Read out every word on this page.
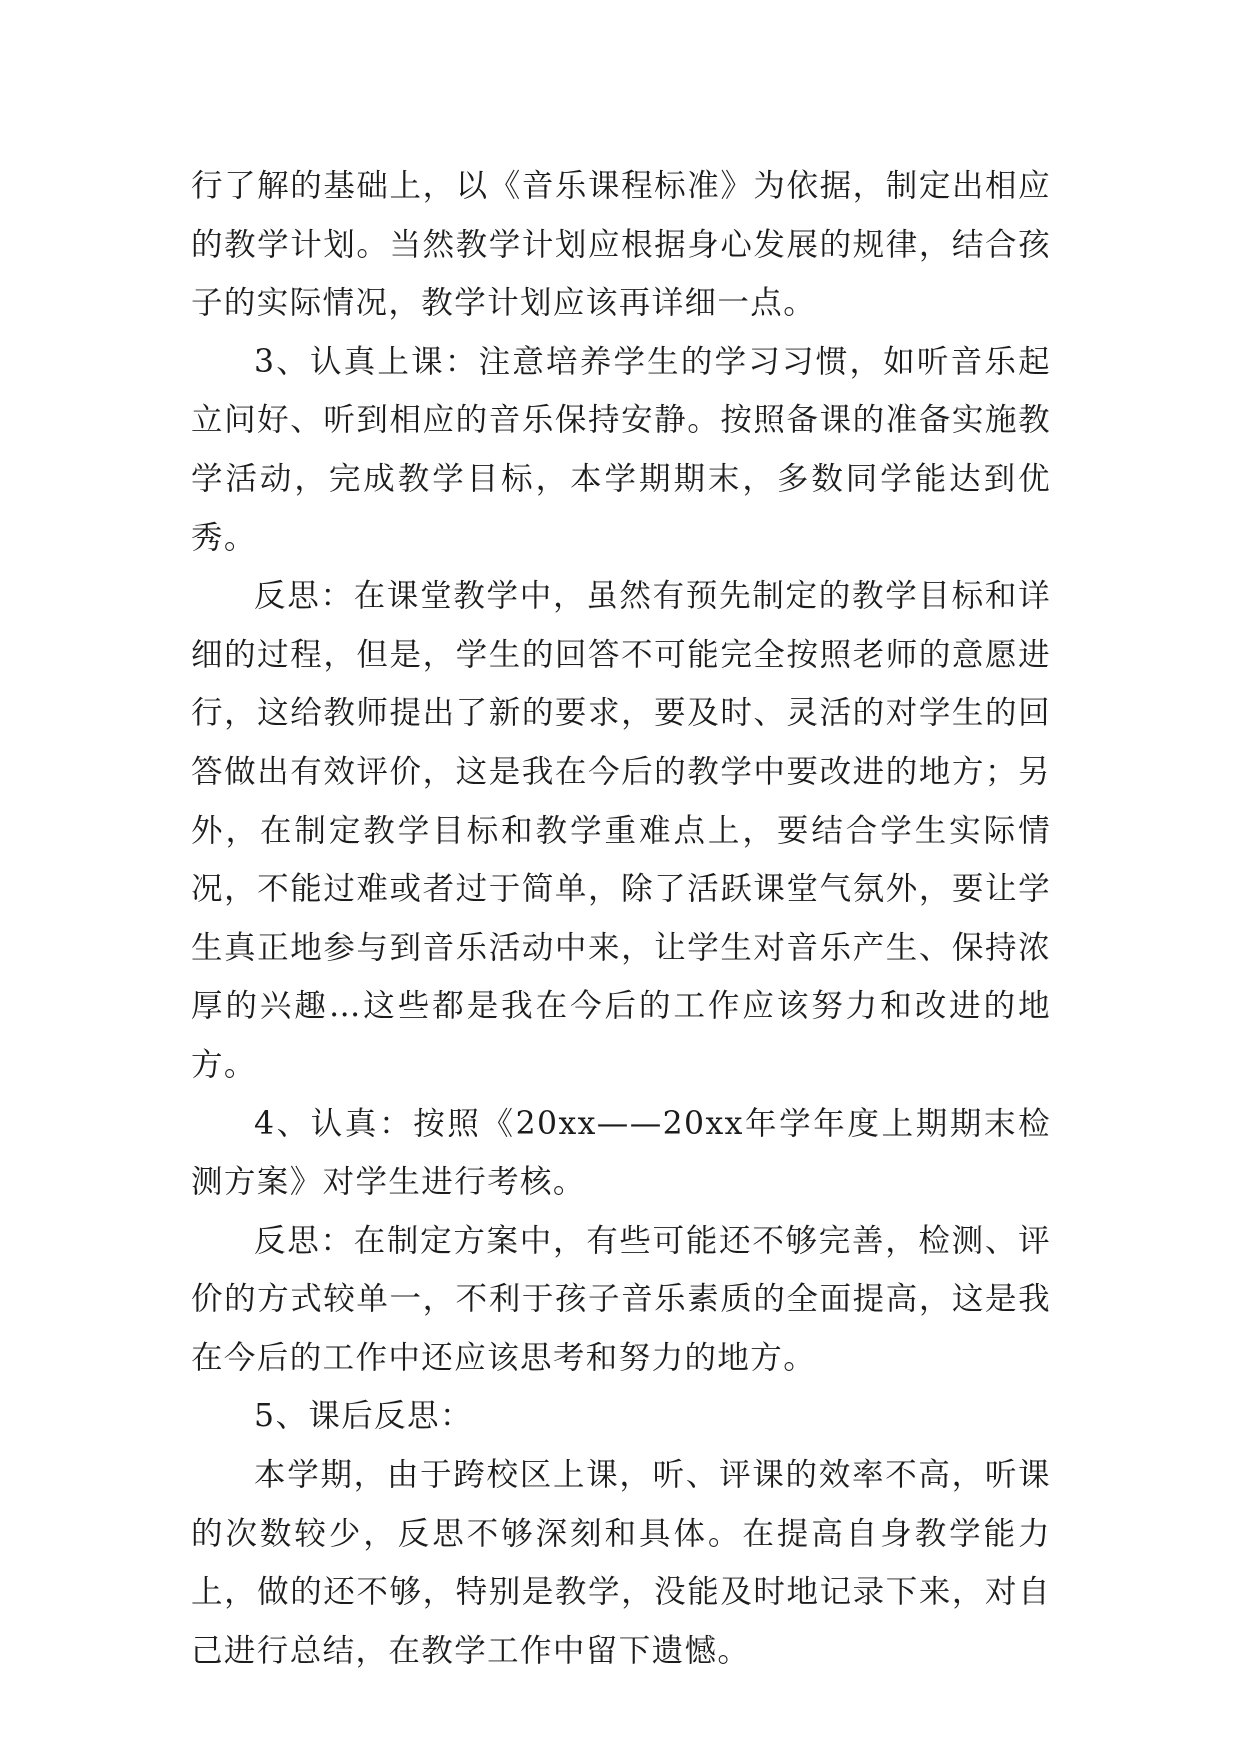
行了解的基础上，以《音乐课程标准》为依据，制定出相应的教学计划。当然教学计划应根据身心发展的规律，结合孩子的实际情况，教学计划应该再详细一点。

3、认真上课：注意培养学生的学习习惯，如听音乐起立问好、听到相应的音乐保持安静。按照备课的准备实施教学活动，完成教学目标，本学期期末，多数同学能达到优秀。

反思：在课堂教学中，虽然有预先制定的教学目标和详细的过程，但是，学生的回答不可能完全按照老师的意愿进行，这给教师提出了新的要求，要及时、灵活的对学生的回答做出有效评价，这是我在今后的教学中要改进的地方；另外，在制定教学目标和教学重难点上，要结合学生实际情况，不能过难或者过于简单，除了活跃课堂气氛外，要让学生真正地参与到音乐活动中来，让学生对音乐产生、保持浓厚的兴趣…这些都是我在今后的工作应该努力和改进的地方。

4、认真：按照《20xx——20xx年学年度上期期末检测方案》对学生进行考核。

反思：在制定方案中，有些可能还不够完善，检测、评价的方式较单一，不利于孩子音乐素质的全面提高，这是我在今后的工作中还应该思考和努力的地方。

5、课后反思：

本学期，由于跨校区上课，听、评课的效率不高，听课的次数较少，反思不够深刻和具体。在提高自身教学能力上，做的还不够，特别是教学，没能及时地记录下来，对自己进行总结，在教学工作中留下遗憾。
